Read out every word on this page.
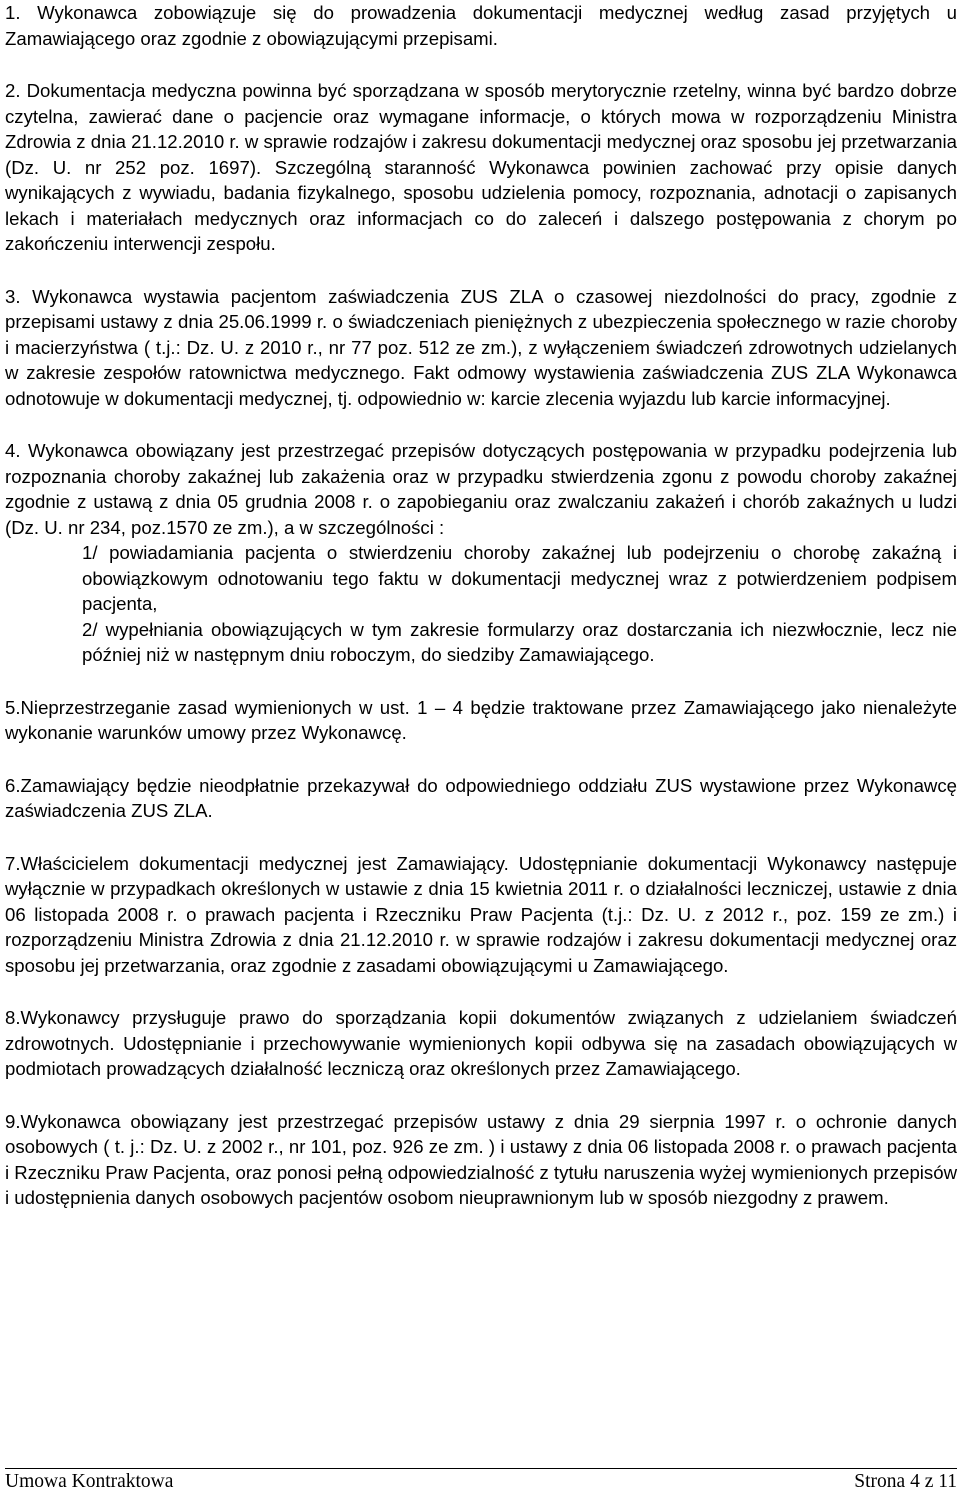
1. Wykonawca zobowiązuje się do prowadzenia dokumentacji medycznej według zasad przyjętych u Zamawiającego oraz zgodnie z obowiązującymi przepisami.

2. Dokumentacja medyczna powinna być sporządzana w sposób merytorycznie rzetelny, winna być bardzo dobrze czytelna, zawierać dane o pacjencie oraz wymagane informacje, o których mowa w rozporządzeniu Ministra Zdrowia z dnia 21.12.2010 r. w sprawie rodzajów i zakresu dokumentacji medycznej oraz sposobu jej przetwarzania (Dz. U. nr 252 poz. 1697). Szczególną staranność Wykonawca powinien zachować przy opisie danych wynikających z wywiadu, badania fizykalnego, sposobu udzielenia pomocy, rozpoznania, adnotacji o zapisanych lekach i materiałach medycznych oraz informacjach co do zaleceń i dalszego postępowania z chorym po zakończeniu interwencji zespołu.

3. Wykonawca wystawia pacjentom zaświadczenia ZUS ZLA o czasowej niezdolności do pracy, zgodnie z przepisami ustawy z dnia 25.06.1999 r. o świadczeniach pieniężnych z ubezpieczenia społecznego w razie choroby i macierzyństwa ( t.j.: Dz. U. z 2010 r., nr 77 poz. 512 ze zm.), z wyłączeniem świadczeń zdrowotnych udzielanych w zakresie zespołów ratownictwa medycznego. Fakt odmowy wystawienia zaświadczenia ZUS ZLA Wykonawca odnotowuje w dokumentacji medycznej, tj. odpowiednio w: karcie zlecenia wyjazdu lub karcie informacyjnej.

4. Wykonawca obowiązany jest przestrzegać przepisów dotyczących postępowania w przypadku podejrzenia lub rozpoznania choroby zakaźnej lub zakażenia oraz w przypadku stwierdzenia zgonu z powodu choroby zakaźnej zgodnie z ustawą z dnia 05 grudnia 2008 r. o zapobieganiu oraz zwalczaniu zakażeń i chorób zakaźnych u ludzi (Dz. U. nr 234, poz.1570 ze zm.), a w szczególności :

1/ powiadamiania pacjenta o stwierdzeniu choroby zakaźnej lub podejrzeniu o chorobę zakaźną i obowiązkowym odnotowaniu tego faktu w dokumentacji medycznej wraz z potwierdzeniem podpisem pacjenta,

2/ wypełniania obowiązujących w tym zakresie formularzy oraz dostarczania ich niezwłocznie, lecz nie później niż w następnym dniu roboczym, do siedziby Zamawiającego.

5.Nieprzestrzeganie zasad wymienionych w ust. 1 – 4 będzie traktowane przez Zamawiającego jako nienależyte wykonanie warunków umowy przez Wykonawcę.

6.Zamawiający będzie nieodpłatnie przekazywał do odpowiedniego oddziału ZUS wystawione przez Wykonawcę zaświadczenia ZUS ZLA.

7.Właścicielem dokumentacji medycznej jest Zamawiający. Udostępnianie dokumentacji Wykonawcy następuje wyłącznie w przypadkach określonych w ustawie z dnia 15 kwietnia 2011 r. o działalności leczniczej, ustawie z dnia 06 listopada 2008 r. o prawach pacjenta i Rzeczniku Praw Pacjenta (t.j.: Dz. U. z 2012 r., poz. 159 ze zm.) i rozporządzeniu Ministra Zdrowia z dnia 21.12.2010 r. w sprawie rodzajów i zakresu dokumentacji medycznej oraz sposobu jej przetwarzania, oraz zgodnie z zasadami obowiązującymi u Zamawiającego.

8.Wykonawcy przysługuje prawo do sporządzania kopii dokumentów związanych z udzielaniem świadczeń zdrowotnych. Udostępnianie i przechowywanie wymienionych kopii odbywa się na zasadach obowiązujących w podmiotach prowadzących działalność leczniczą oraz określonych przez Zamawiającego.

9.Wykonawca obowiązany jest przestrzegać przepisów ustawy z dnia 29 sierpnia 1997 r. o ochronie danych osobowych ( t. j.: Dz. U. z 2002 r., nr 101, poz. 926 ze zm. ) i ustawy z dnia 06 listopada 2008 r. o prawach pacjenta i Rzeczniku Praw Pacjenta, oraz ponosi pełną odpowiedzialność z tytułu naruszenia wyżej wymienionych przepisów i udostępnienia danych osobowych pacjentów osobom nieuprawnionym lub w sposób niezgodny z prawem.

Umowa Kontraktowa	Strona 4 z 11
